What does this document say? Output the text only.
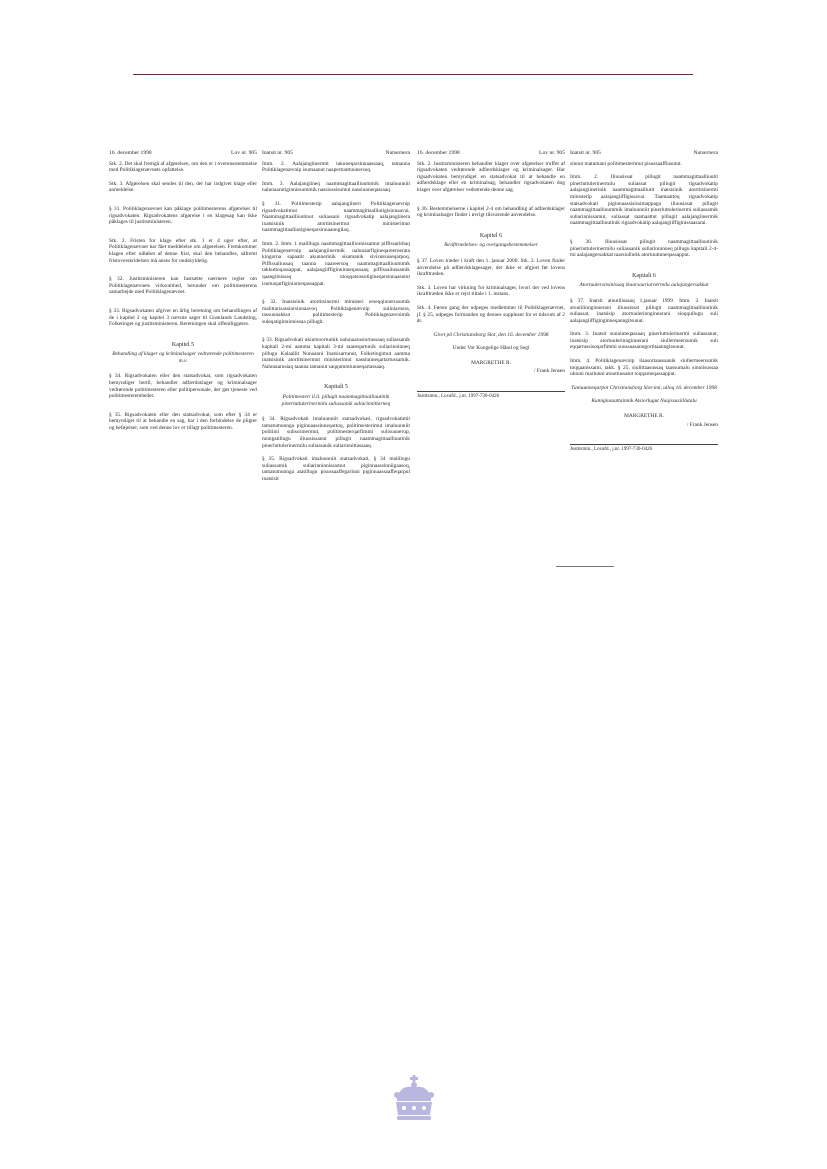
16. december 1998	Lov nr. 905

Stk. 2. Det skal fremgå af afgørelsen, om den er i overensstemmelse med Politiklagenævnets opfattelse.

Stk. 3. Afgørelsen skal sendes til den, der har indgivet klage eller anmeldelse.

§ 31. Politiklagenævnet kan påklage politimesterens afgørelser til rigsadvokaten. Rigsadvokatens afgørelse i en klagesag kan ikke påklages til justitsministeren.

Stk. 2. Fristen for klage efter stk. 1 er 4 uger efter, at Politiklagenævnet har fået meddelelse om afgørelsen. Fremkommer klagen efter udløbet af denne frist, skal den behandles, såfremt fristoverskridelsen må anses for undskyldelig.

§ 32. Justitsministeren kan fastsætte nærmere regler om Politiklagenævnets virksomhed, herunder om politimesterens samarbejde med Politiklagenævnet.

§ 33. Rigsadvokaten afgiver en årlig beretning om behandlingen af de i kapitel 2 og kapitel 3 nævnte sager til Grønlands Landsting, Folketinget og justitsministeren. Beretningen skal offentliggøres.

Kapitel 5
Behandling af klager og kriminalsager vedrørende politimesteren m.v.

§ 34. Rigsadvokaten eller den statsadvokat, som rigsadvokaten bemyndiger hertil, behandler adfærdsklager og kriminalsager vedrørende politimesteren eller politipersonale, der gør tjeneste ved politimesterembedet.

§ 35. Rigsadvokaten eller den statsadvokat, som efter § 34 er bemyndiget til at behandle en sag, har i den forbindelse de pligter og beføjelser, som ved denne lov er tillagt politimesteren.

Inatsit nr. 905	Nutsernera

Imm. 2. Aalajangiinermit takuneqarsinnaassaaq, tamanna Politiklagenævnip isumaanut naapertuuttuunersoq.

Imm. 3. Aalajangiineq naammagittaalliuummik imaluunniit nalunaarutiginnissummik nassiussisumut nassiunneqassaaq.

§ 31. Politimesterip aalajangiineri Politiklagenævnip rigsadvokatimut naammagittaalliutigisinnaavai. Naammagittaalliuutinut suliassani rigsadvokatip aalajangiinera inatsisinik atortitsinermut ministerimut naammagittaalliutigineqarsinnaanngilaq.

Imm. 2. Imm. 1 malillugu naammagittaalliornissamut piffissarititaq Politiklagenævnip aalajangiinermik nalunaarfigineqareernerata kingorna sapaatit akunnerinik sisamanik sivisussuseqarpoq. Piffissaliussaq taanna naareersoq naammagittaalliuummik takkuttoqassappat, aalajangiiffiginninneqassaaq piffissaliussamik qaangiinissaq utoqqatsissutigineqarsinnaasutut isumaqarfiginiarneqassappat.

§ 32. Inatsisinik atortitsinermi ministeri erseqqinnerusumik malittarisassiorsinnaavoq Politiklagenævnip suliniarnera, tassuunakkut politimesterip Politiklagenævnimik suleqatiginninnissaa pillugit.

§ 33. Rigsadvokati ukiumoortumik nalunaarusiortassaaq suliassanik kapitali 2-mi aamma kapitali 3-mi taaneqartunik suliarinninneq pillugu Kalaallit Nunaanni Inatsisartunut, Folketingimut aamma inatsisinik atortitsinermut ministerimut nassiunneqartartussamik. Nalunaarusiaq taanna tamanut saqqummiunneqartassaaq.

Kapitali 5
Politimesteri il.il. pillugit naammagittaalliuutinik pinerluttulerinermilu suliassanik suliarinnittarneq

§ 34. Rigsadvokati imaluunniit statsadvokati, rigsadvokatimit tamatumunnga piginnaassinneqartoq, politimesterimut imaluunniit politiini sulisorinermut, politimesterqarfimmi sulisuunerup, tunngatillugu iliuusissanut pillugit naammagittaalliuutinik pinerluttulerinermilu suliassanik suliarinnittassaaq.

§ 35. Rigsadvokati imaluunniit statsadvokati, § 34 malillugu suliassamik suliarinninnissamut piginnaassinniigaasoq, tamatumunnga atatillugu pisussaaffegarluni piginnaassaaffeqarpul inatsisit

16. december 1998	Lov nr. 905

Stk. 2. Justitsministeren behandler klager over afgørelser truffet af rigsadvokaten vedrørende adfærdsklager og kriminalsager. Har rigsadvokaten bemyndiget en statsadvokat til at behandle en adfærdsklage eller en kriminalsag, behandler rigsadvokaten dog klager over afgørelser vedrørende denne sag.

§ 36. Bestemmelserne i kapitel 2-4 om behandling af adfærdsklager og kriminalsager finder i øvrigt tilsvarende anvendelse.

Kapitel 6
Ikrafttrædelses- og overgangsbestemmelser

§ 37. Loven træder i kraft den 1. januar 2000. Stk. 2. Loven finder anvendelse på adfærdsklagesager, der ikke er afgjort før lovens ikrafttræden.

Stk. 3. Loven har virkning for kriminalsager, hvori der ved lovens ikrafttræden ikke er rejst tiltale i 1. instans.

Stk. 4. Første gang der udpeges medlemmer til Politiklagenævnet, jf. § 25, udpeges formanden og dennes suppleant for et tidsrum af 2 år.

Givet på Christiansborg Slot, den 16. december 1998

Under Vor Kongelige Hånd og Segl

MARGRETHE R.
/ Frank Jensen
Justitsmin., Lovafd., j.nr. 1997-730-0426
Inatsit nr. 905	Nutsernera

sinnut matumani politimesterimut pisussaaffiusutut.

Imm. 2. Iliuusissat pillugit naammagittaalliuutit pinerluttulerinermilu suliassat pillugit rigsadvokatip aalajangiinerinik naammagittaalliutit inatsisinik atortitsinermi ministerip aalajangiiffigissavai. Taamaattoq rigsadvokatip statsadvokati piginnaassisissimappagu iliuusissat pillugit naammagittaalliuummik imaluunniit pinerluttulerinermi suliassamik suliarinnissamut, suliassat taamaattut pillugit aalajangiinermik naammagittaalliuutinik rigsadvokatip aalajangiiffiginissaasarai.

§ 36. Iliuusissat pillugit naammagittaalliuutinik pinerluttulerinermilu suliassanik suliarinninneq pillugu kapitali 2-4-mi aalajangersakkat taarsiullutik atortuutinneqassapput.

Kapitali 6
Atortuulersitsinissaq ikaarsaariarnermilu aalajangersakkat

§ 37. Inatsit atuutilissaaq 1.januar 1999. Imm. 2. Inatsit atuutilinnginnerani iliuusissat pillugit naammagittaalliuutinik suliassat, inatsisip atortuulerinnginnerani sioqqullugu suli aalajangiiffiginginneqanngitsunut.

Imm. 3. Inatsit sunniuteqassaaq pinerluttulerinermi suliassanut, inatsisip atortuulerinnginnerani siullermeersumik suli eqqartussisoqarfimmi suussaasanngortitaanngitsunut.

Imm. 4. Politiklagenævnip ilaasortaassaanik siullermeersumik toqqaanissami, takk. § 25, siulittaasussaq taassumalu sinniisussaa ukiuni marlunni atuuttussatut toqqarneqassapput.

Tuniuunneqarpot Christiansborg Slot-imi, ulloq 16. december 1998

Kunngiussuttainnik Atsiorlugut Naqissusiillutalu

MARGRETHE R.
/ Frank Jensen
Justitsmin., Lovafd., j.nr. 1997-730-0426
